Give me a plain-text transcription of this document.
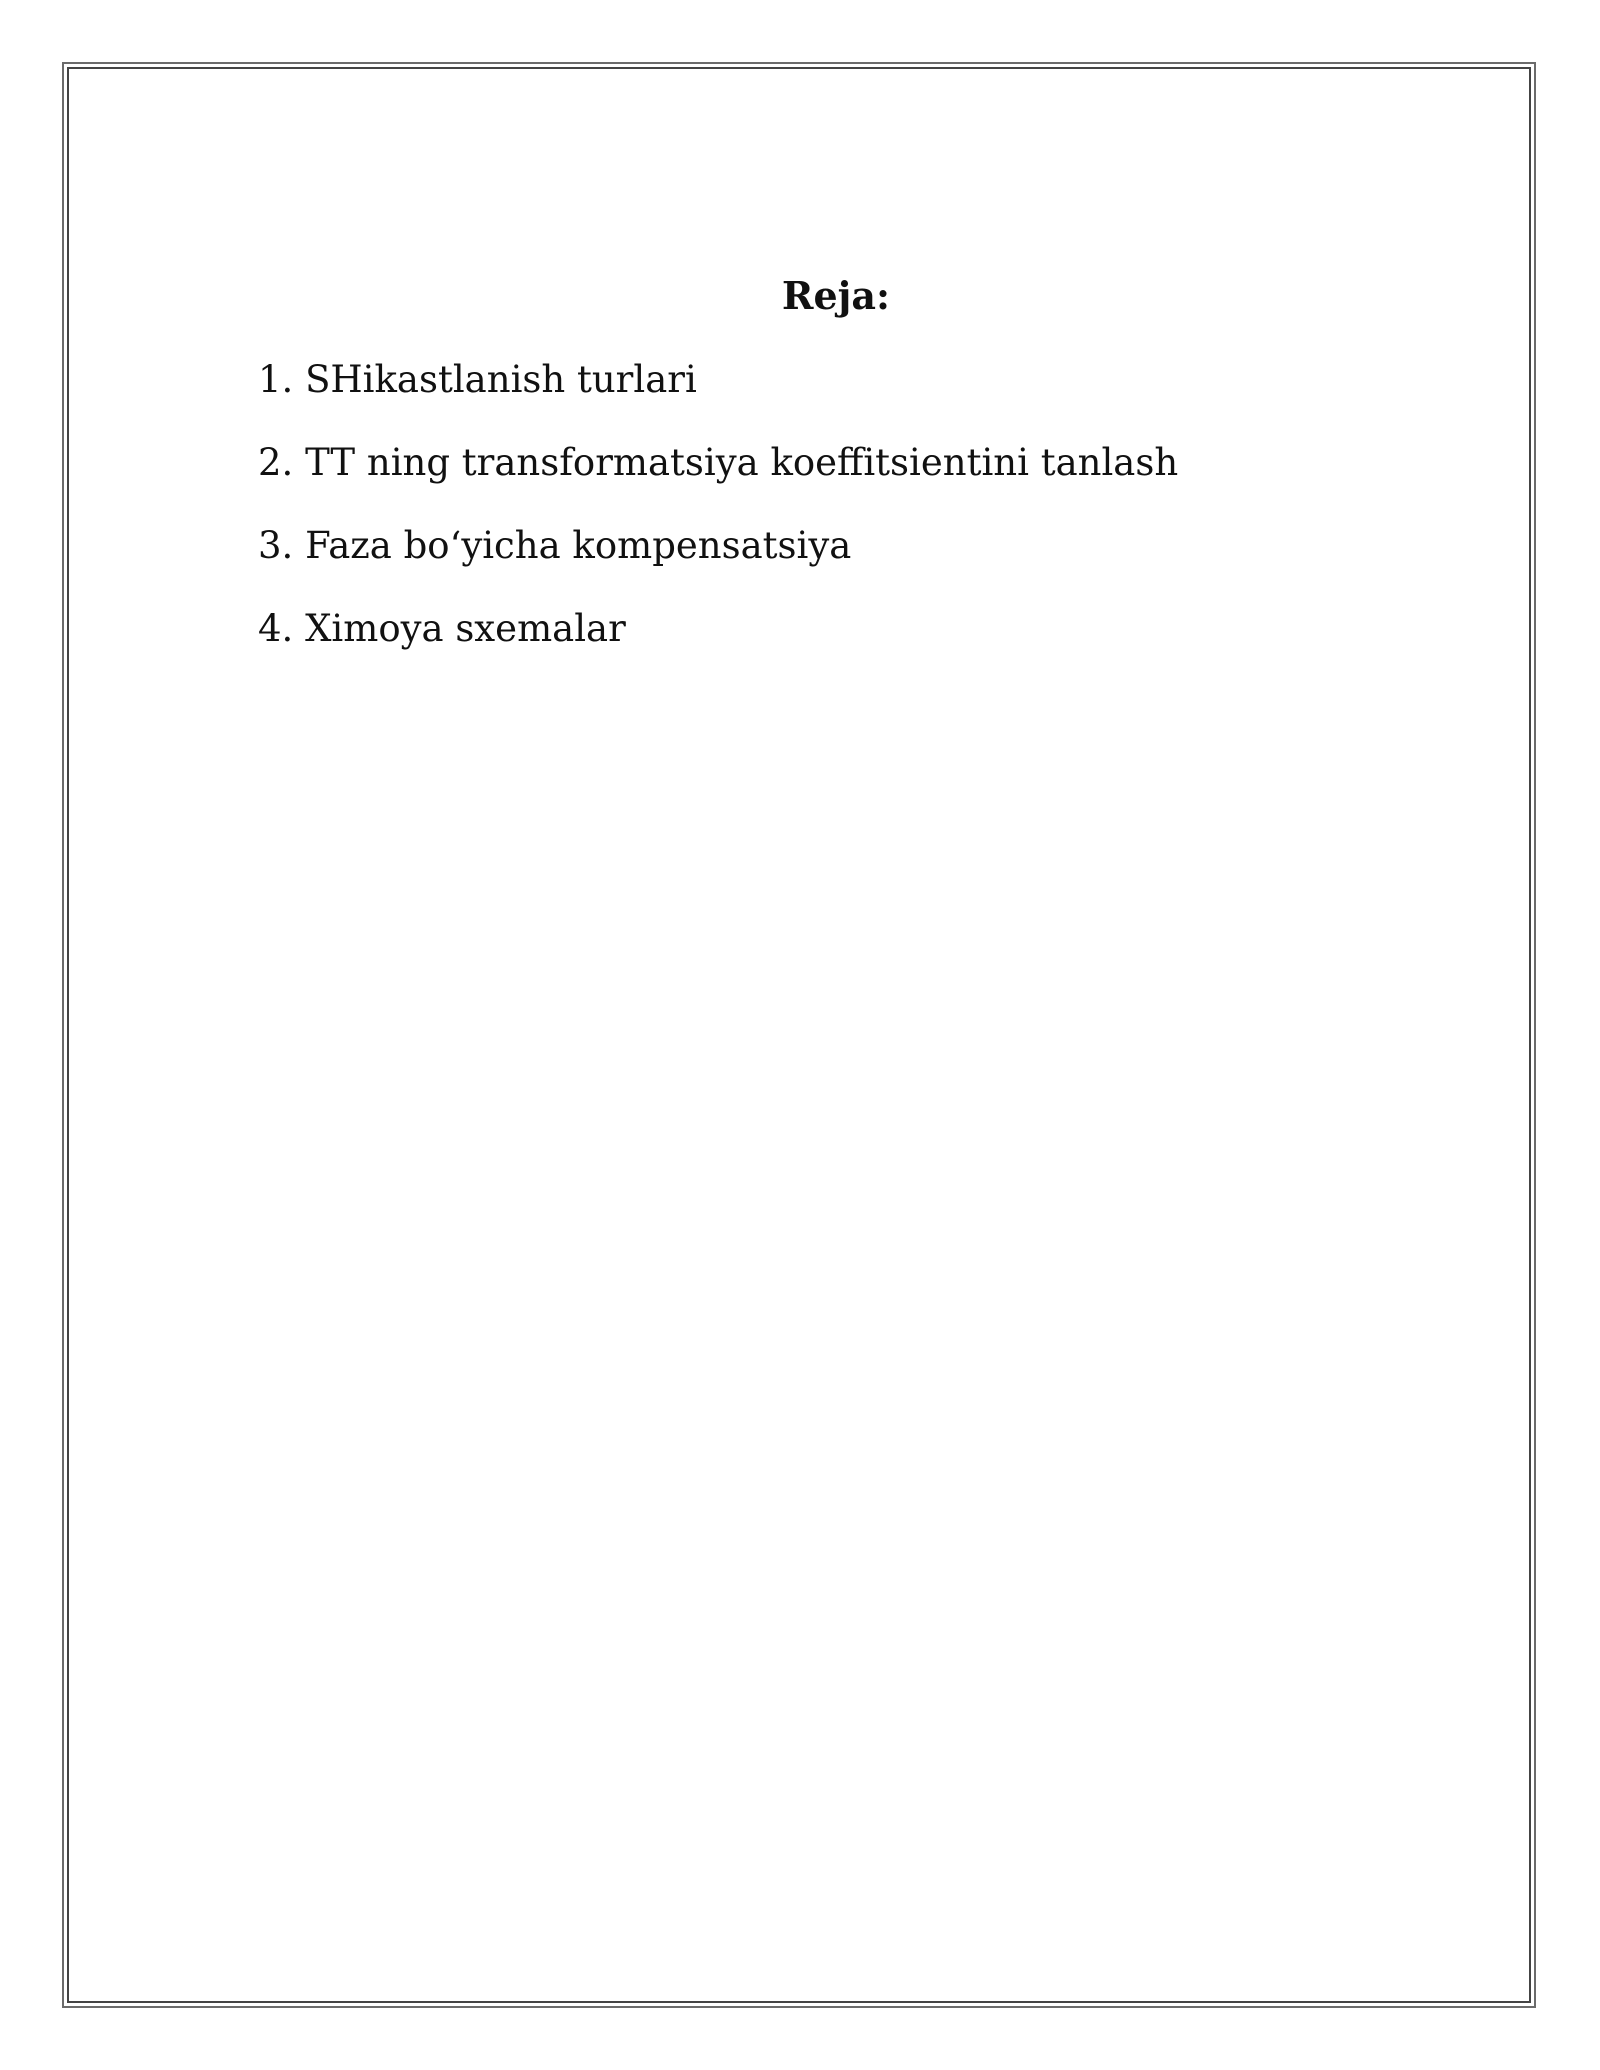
Reja:
1. SHikastlanish turlari
2. TT ning transformatsiya koeffitsientini tanlash
3. Faza bo‘yicha kompensatsiya
4. Ximoya sxemalar
